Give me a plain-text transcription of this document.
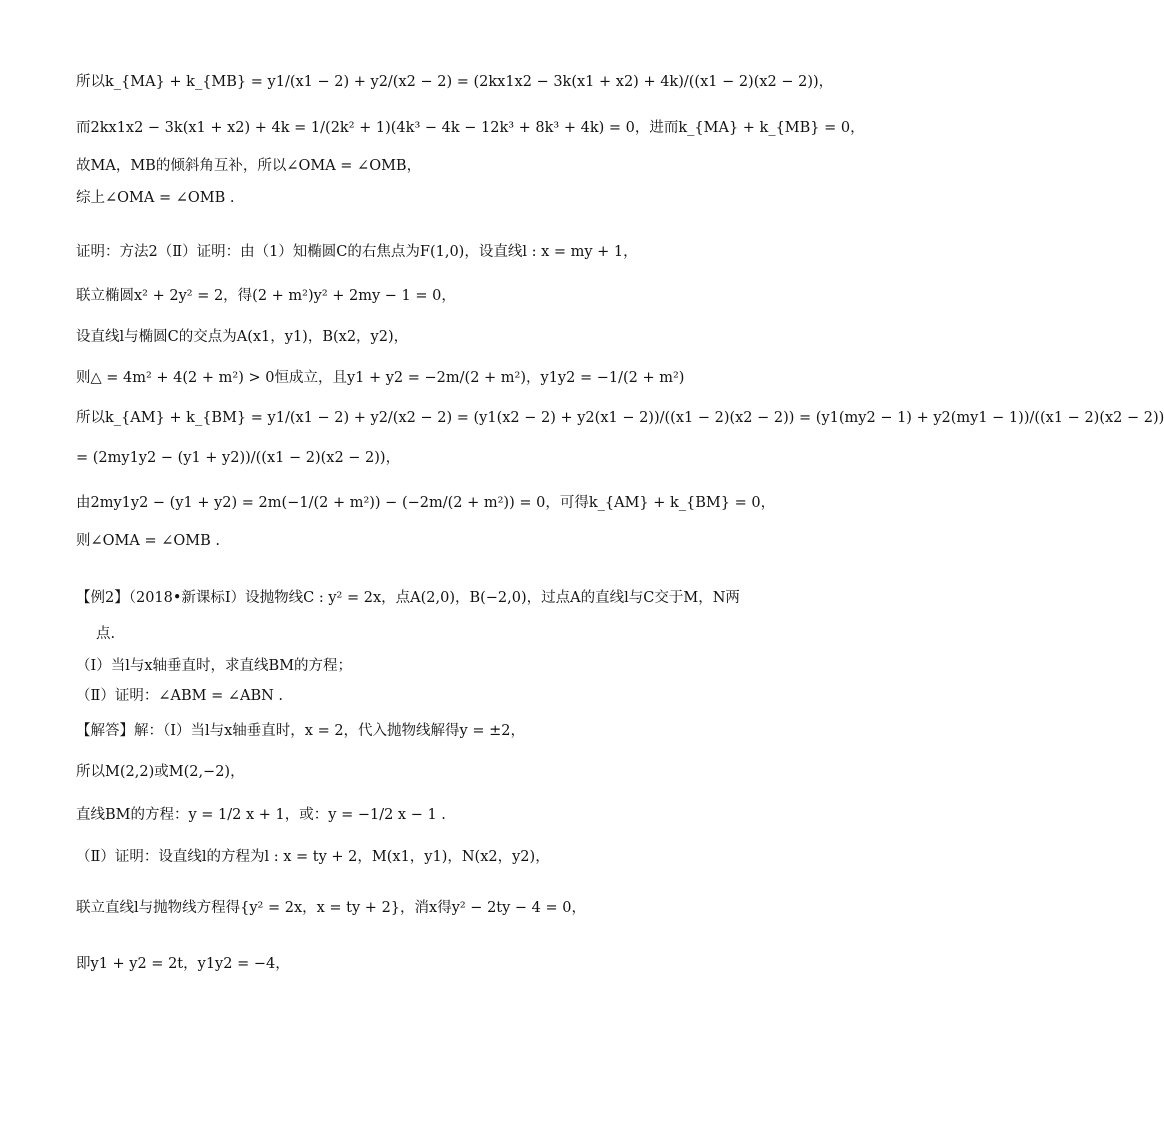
所以k_{MA} + k_{MB} = y1/(x1 − 2) + y2/(x2 − 2) = (2kx1x2 − 3k(x1 + x2) + 4k)/((x1 − 2)(x2 − 2))，
而2kx1x2 − 3k(x1 + x2) + 4k = 1/(2k² + 1)(4k³ − 4k − 12k³ + 8k³ + 4k) = 0，进而k_{MA} + k_{MB} = 0，
故MA，MB的倾斜角互补，所以∠OMA = ∠OMB，
综上∠OMA = ∠OMB .
证明：方法2（Ⅱ）证明：由（1）知椭圆C的右焦点为F(1,0)，设直线l : x = my + 1，
联立椭圆x² + 2y² = 2，得(2 + m²)y² + 2my − 1 = 0，
设直线l与椭圆C的交点为A(x1，y1)，B(x2，y2)，
则△ = 4m² + 4(2 + m²) > 0恒成立，且y1 + y2 = −2m/(2 + m²)，y1y2 = −1/(2 + m²)
所以k_{AM} + k_{BM} = y1/(x1 − 2) + y2/(x2 − 2) = (y1(x2 − 2) + y2(x1 − 2))/((x1 − 2)(x2 − 2)) = (y1(my2 − 1) + y2(my1 − 1))/((x1 − 2)(x2 − 2))
= (2my1y2 − (y1 + y2))/((x1 − 2)(x2 − 2))，
由2my1y2 − (y1 + y2) = 2m(−1/(2 + m²)) − (−2m/(2 + m²)) = 0，可得k_{AM} + k_{BM} = 0，
则∠OMA = ∠OMB .
【例2】（2018•新课标Ⅰ）设抛物线C : y² = 2x，点A(2,0)，B(−2,0)，过点A的直线l与C交于M，N两
点.
（Ⅰ）当l与x轴垂直时，求直线BM的方程；
（Ⅱ）证明：∠ABM = ∠ABN .
【解答】解：（Ⅰ）当l与x轴垂直时，x = 2，代入抛物线解得y = ±2，
所以M(2,2)或M(2,−2)，
直线BM的方程：y = 1/2 x + 1，或：y = −1/2 x − 1 .
（Ⅱ）证明：设直线l的方程为l : x = ty + 2，M(x1，y1)，N(x2，y2)，
联立直线l与抛物线方程得{y² = 2x，x = ty + 2}，消x得y² − 2ty − 4 = 0，
即y1 + y2 = 2t，y1y2 = −4，
